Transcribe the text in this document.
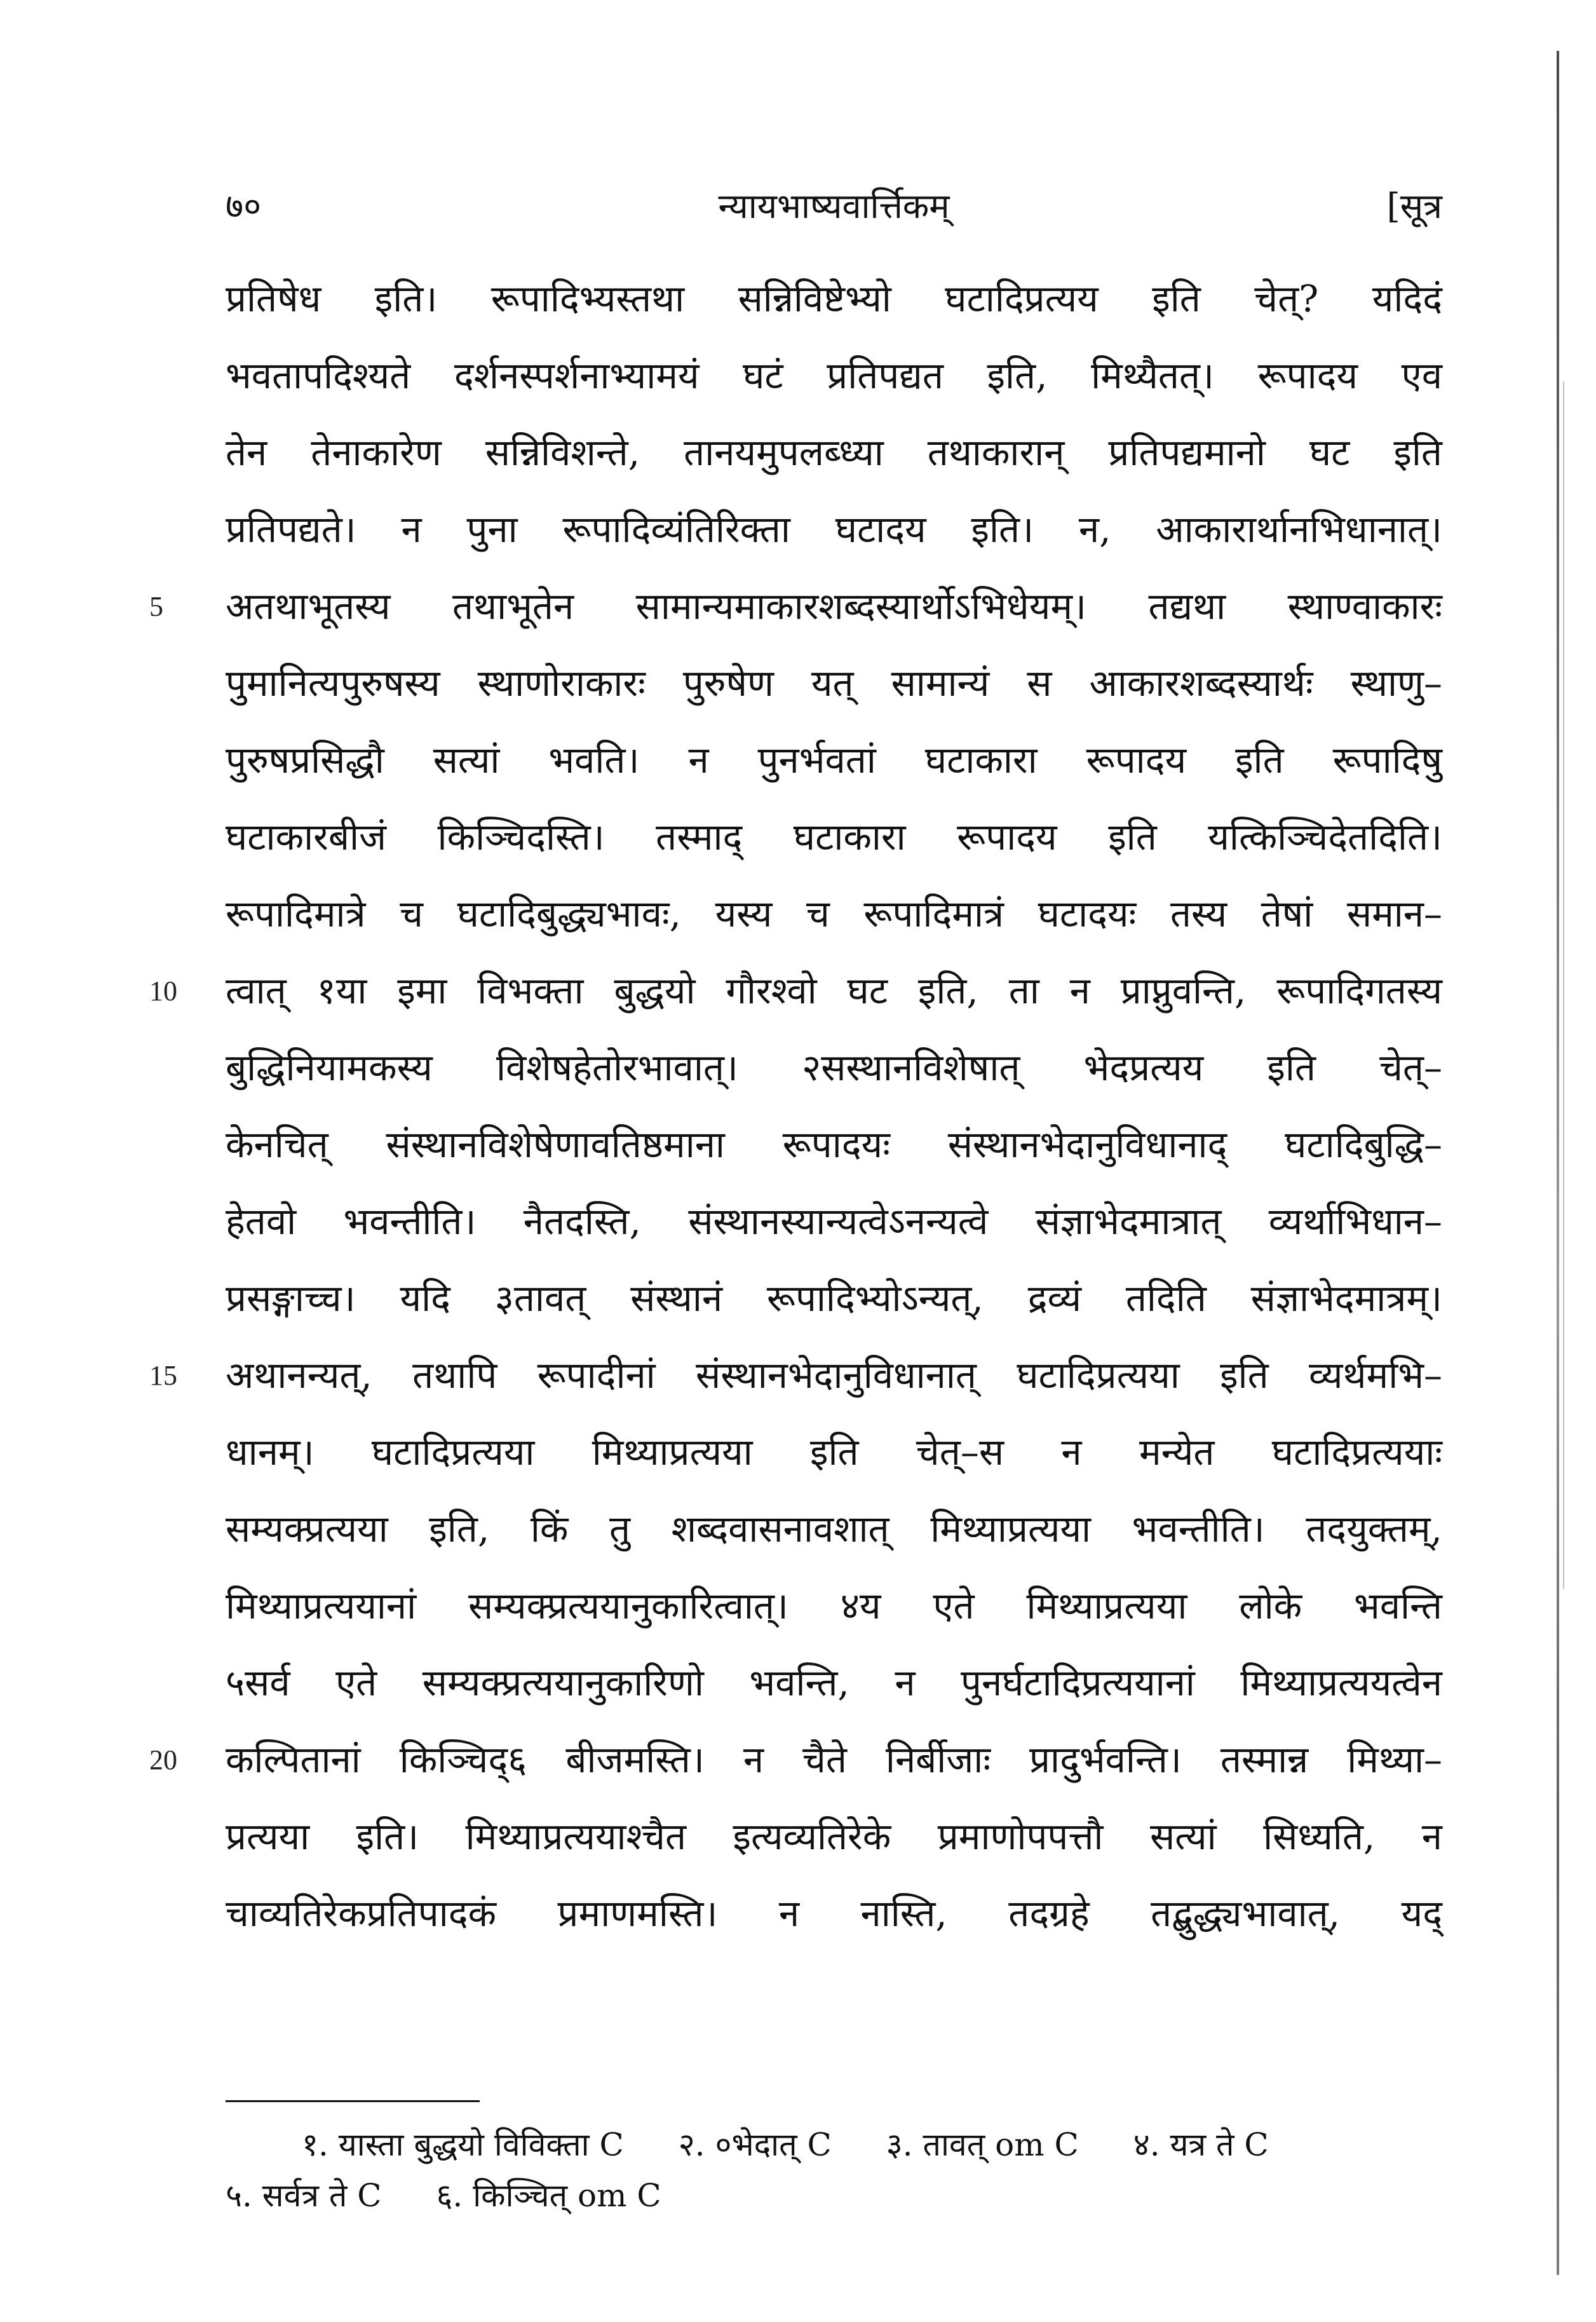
७०	न्यायभाष्यवार्त्तिकम्	[सूत्र
प्रतिषेध इति। रूपादिभ्यस्तथा सन्निविष्टेभ्यो घटादिप्रत्यय इति चेत्? यदिदं
भवतापदिश्यते दर्शनस्पर्शनाभ्यामयं घटं प्रतिपद्यत इति, मिथ्यैतत्। रूपादय एव
तेन तेनाकारेण सन्निविशन्ते, तानयमुपलब्ध्या तथाकारान् प्रतिपद्यमानो घट इति
प्रतिपद्यते। न पुना रूपादिव्यंतिरिक्ता घटादय इति। न, आकारार्थानभिधानात्।
5	अतथाभूतस्य तथाभूतेन सामान्यमाकारशब्दस्यार्थोऽभिधेयम्। तद्यथा स्थाण्वाकारः
पुमानित्यपुरुषस्य स्थाणोराकारः पुरुषेण यत् सामान्यं स आकारशब्दस्यार्थः स्थाणु–
पुरुषप्रसिद्धौ सत्यां भवति। न पुनर्भवतां घटाकारा रूपादय इति रूपादिषु
घटाकारबीजं किञ्चिदस्ति। तस्माद् घटाकारा रूपादय इति यत्किञ्चिदेतदिति।
रूपादिमात्रे च घटादिबुद्ध्यभावः, यस्य च रूपादिमात्रं घटादयः तस्य तेषां समान–
10	त्वात् १या इमा विभक्ता बुद्धयो गौरश्वो घट इति, ता न प्राप्नुवन्ति, रूपादिगतस्य
बुद्धिनियामकस्य विशेषहेतोरभावात्। २सस्थानविशेषात् भेदप्रत्यय इति चेत्–
केनचित् संस्थानविशेषेणावतिष्ठमाना रूपादयः संस्थानभेदानुविधानाद् घटादिबुद्धि–
हेतवो भवन्तीति। नैतदस्ति, संस्थानस्यान्यत्वेऽनन्यत्वे संज्ञाभेदमात्रात् व्यर्थाभिधान–
प्रसङ्गाच्च। यदि ३तावत् संस्थानं रूपादिभ्योऽन्यत्, द्रव्यं तदिति संज्ञाभेदमात्रम्।
15	अथानन्यत्, तथापि रूपादीनां संस्थानभेदानुविधानात् घटादिप्रत्यया इति व्यर्थमभि–
धानम्। घटादिप्रत्यया मिथ्याप्रत्यया इति चेत्–स न मन्येत घटादिप्रत्ययाः
सम्यक्प्रत्यया इति, किं तु शब्दवासनावशात् मिथ्याप्रत्यया भवन्तीति। तदयुक्तम्,
मिथ्याप्रत्ययानां सम्यक्प्रत्ययानुकारित्वात्। ४य एते मिथ्याप्रत्यया लोके भवन्ति
५सर्व एते सम्यक्प्रत्ययानुकारिणो भवन्ति, न पुनर्घटादिप्रत्ययानां मिथ्याप्रत्ययत्वेन
20	कल्पितानां किञ्चिद्६ बीजमस्ति। न चैते निर्बीजाः प्रादुर्भवन्ति। तस्मान्न मिथ्या–
प्रत्यया इति। मिथ्याप्रत्ययाश्चैत इत्यव्यतिरेके प्रमाणोपपत्तौ सत्यां सिध्यति, न
चाव्यतिरेकप्रतिपादकं प्रमाणमस्ति। न नास्ति, तदग्रहे तद्बुद्ध्यभावात्, यद्
१. यास्ता बुद्धयो विविक्ता C २. ०भेदात् C ३. तावत् om C ४. यत्र ते C
५. सर्वत्र ते C ६. किञ्चित् om C
